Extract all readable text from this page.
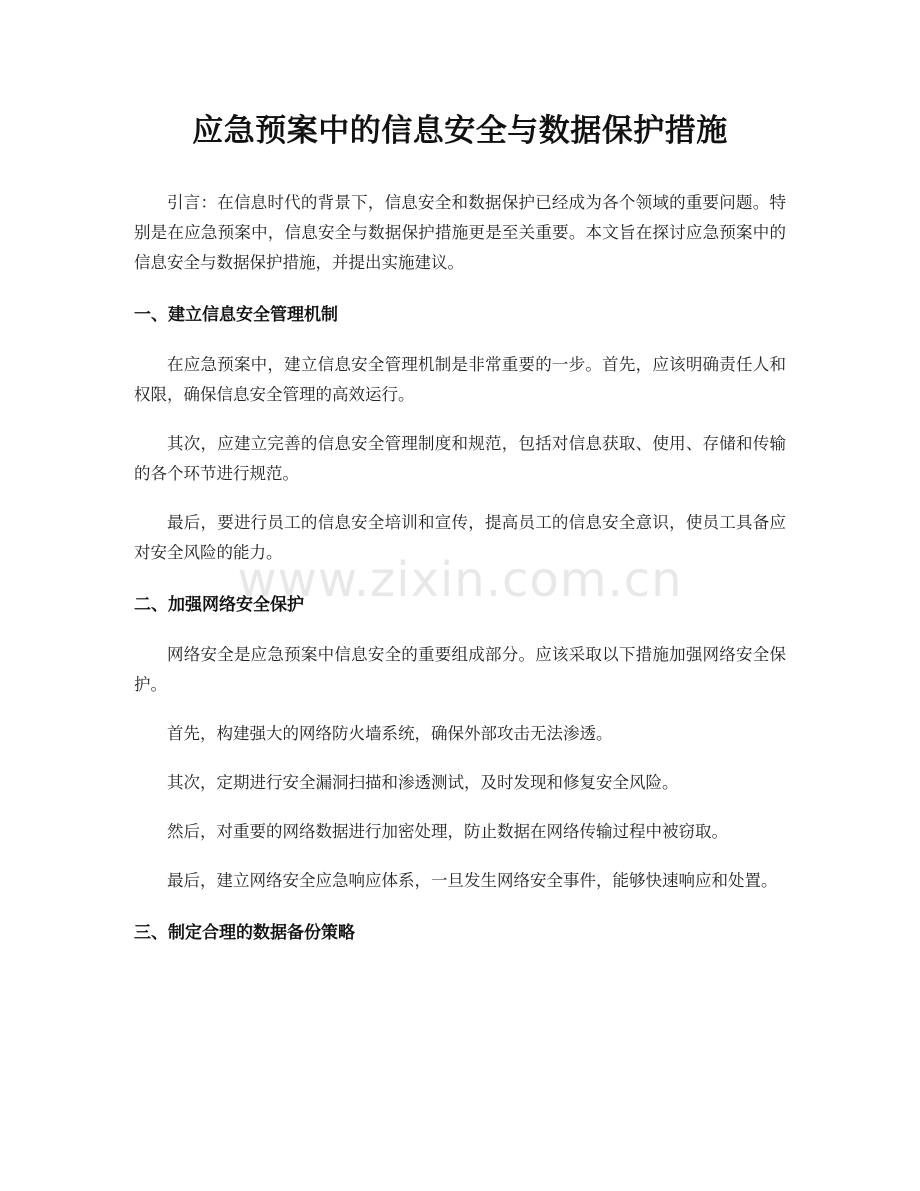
应急预案中的信息安全与数据保护措施

引言：在信息时代的背景下，信息安全和数据保护已经成为各个领域的重要问题。特别是在应急预案中，信息安全与数据保护措施更是至关重要。本文旨在探讨应急预案中的信息安全与数据保护措施，并提出实施建议。

一、建立信息安全管理机制

在应急预案中，建立信息安全管理机制是非常重要的一步。首先，应该明确责任人和权限，确保信息安全管理的高效运行。

其次，应建立完善的信息安全管理制度和规范，包括对信息获取、使用、存储和传输的各个环节进行规范。

最后，要进行员工的信息安全培训和宣传，提高员工的信息安全意识，使员工具备应对安全风险的能力。

二、加强网络安全保护

网络安全是应急预案中信息安全的重要组成部分。应该采取以下措施加强网络安全保护。

首先，构建强大的网络防火墙系统，确保外部攻击无法渗透。

其次，定期进行安全漏洞扫描和渗透测试，及时发现和修复安全风险。

然后，对重要的网络数据进行加密处理，防止数据在网络传输过程中被窃取。

最后，建立网络安全应急响应体系，一旦发生网络安全事件，能够快速响应和处置。

三、制定合理的数据备份策略
www.zixin.com.cn
